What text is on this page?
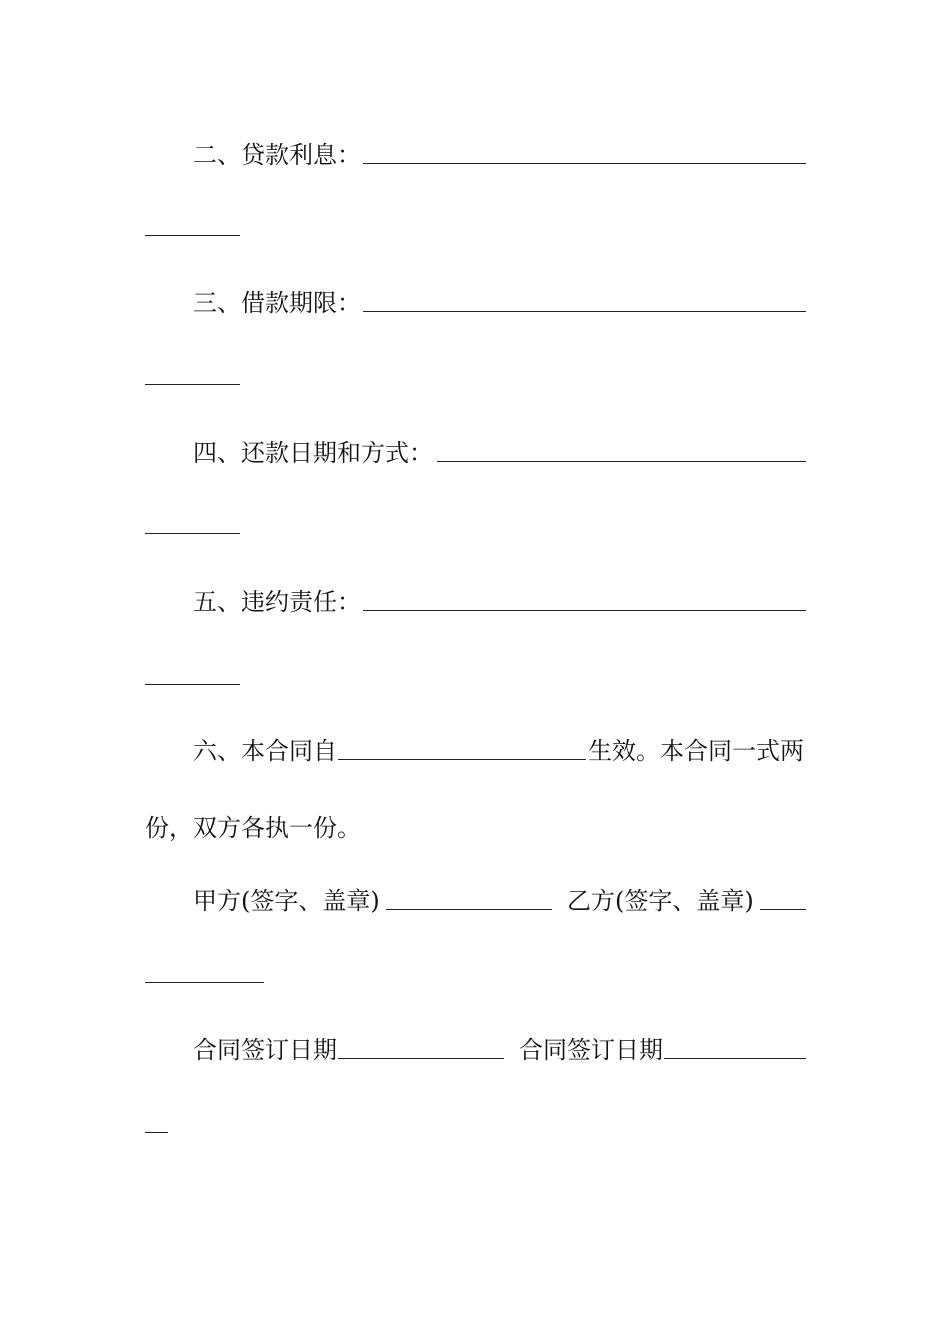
二、贷款利息：
三、借款期限：
四、还款日期和方式：
五、违约责任：
六、本合同自	生效。本合同一式两
份，双方各执一份。
甲方(签字、盖章)	乙方(签字、盖章)
合同签订日期	合同签订日期
